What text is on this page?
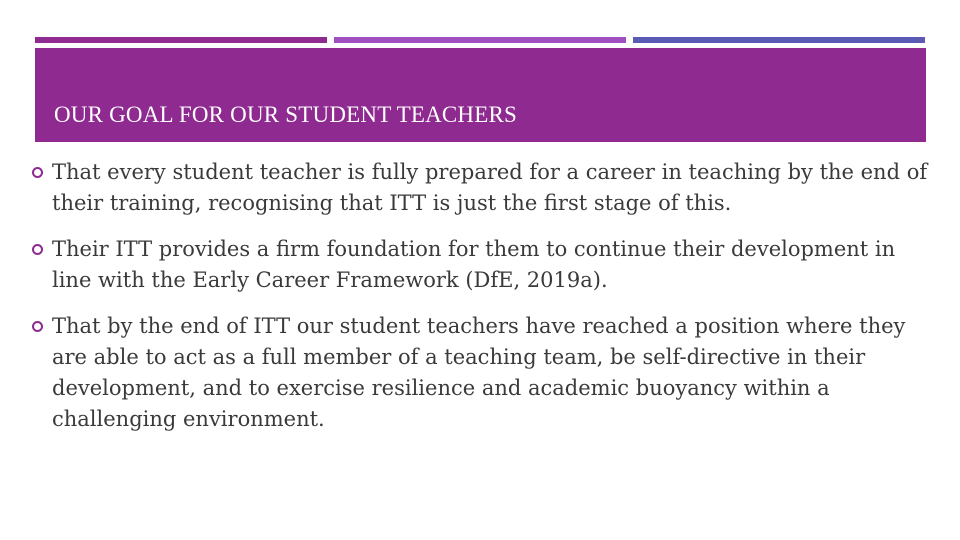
OUR GOAL FOR OUR STUDENT TEACHERS
That every student teacher is fully prepared for a career in teaching by the end of their training, recognising that ITT is just the first stage of this.
Their ITT provides a firm foundation for them to continue their development in line with the Early Career Framework (DfE, 2019a).
That by the end of ITT our student teachers have reached a position where they are able to act as a full member of a teaching team, be self-directive in their development, and to exercise resilience and academic buoyancy within a challenging environment.
